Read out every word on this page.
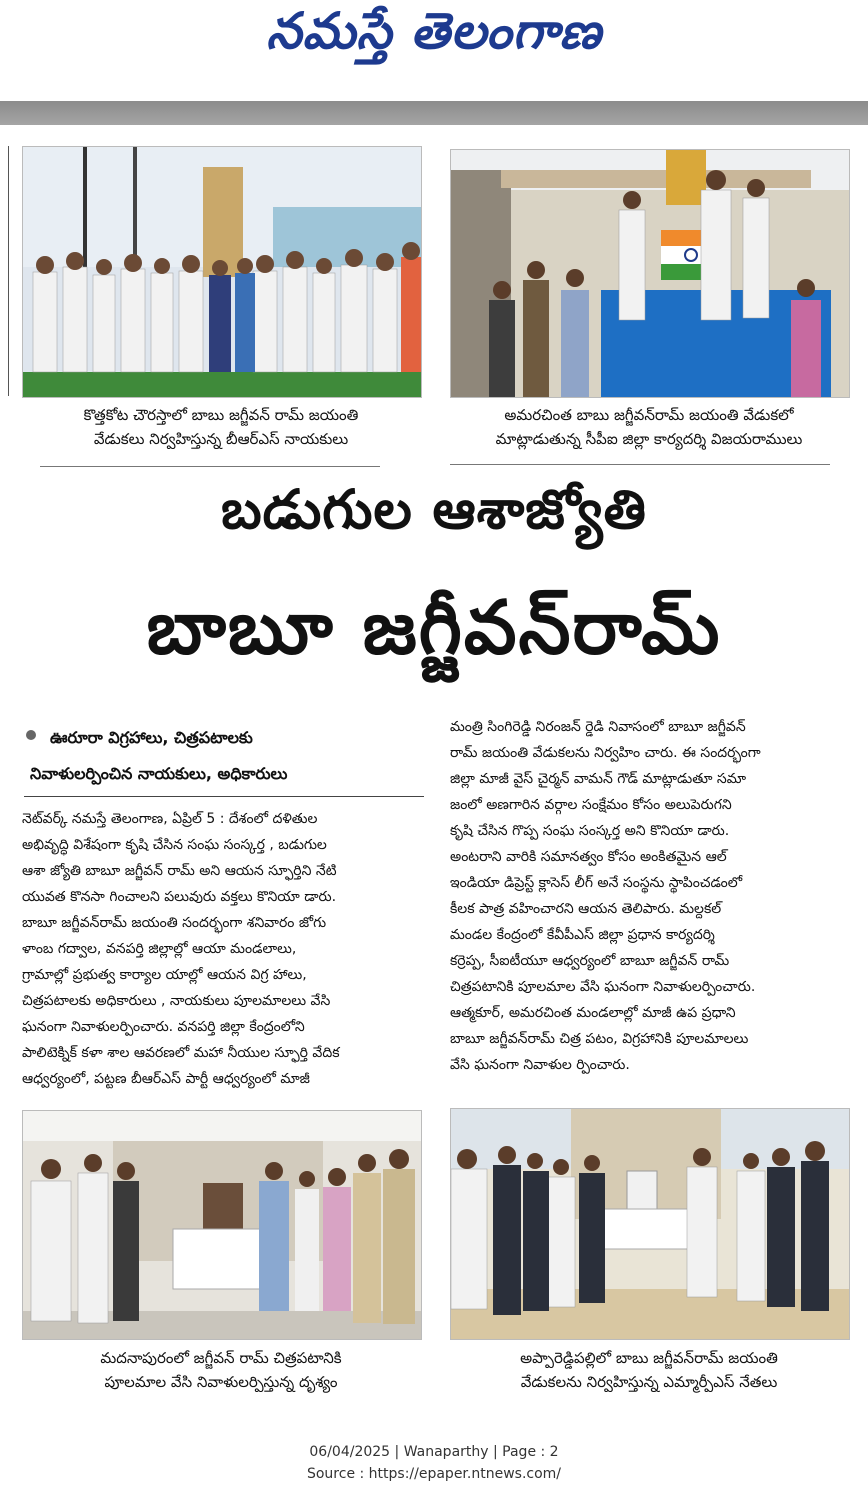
నమస్తే తెలంగాణ
కొత్తకోట చౌరస్తాలో బాబు జగ్జీవన్ రామ్ జయంతి
వేడుకలు నిర్వహిస్తున్న బీఆర్ఎస్ నాయకులు
అమరచింత బాబు జగ్జీవన్‌రామ్ జయంతి వేడుకలో
మాట్లాడుతున్న సీపీఐ జిల్లా కార్యదర్శి విజయరాములు
బడుగుల ఆశాజ్యోతి
బాబూ జగ్జీవన్‌రామ్
ఊరూరా విగ్రహాలు, చిత్రపటాలకు
నివాళులర్పించిన నాయకులు, అధికారులు
నెట్‌వర్క్ నమస్తే తెలంగాణ, ఏప్రిల్ 5 : దేశంలో దళితుల
అభివృద్ధి విశేషంగా కృషి చేసిన సంఘ సంస్కర్త , బడుగుల
ఆశా జ్యోతి బాబూ జగ్జీవన్ రామ్ అని ఆయన స్ఫూర్తిని నేటి
యువత కొనసా గించాలని పలువురు వక్తలు కొనియా డారు.
బాబూ జగ్జీవన్‌రామ్ జయంతి సందర్భంగా శనివారం జోగు
ళాంబ గద్వాల, వనపర్తి జిల్లాల్లో ఆయా మండలాలు,
గ్రామాల్లో ప్రభుత్వ కార్యాల యాల్లో ఆయన విగ్ర హాలు,
చిత్రపటాలకు అధికారులు , నాయకులు పూలమాలలు వేసి
ఘనంగా నివాళులర్పించారు. వనపర్తి జిల్లా కేంద్రంలోని
పాలిటెక్నిక్ కళా శాల ఆవరణలో మహా నీయుల స్ఫూర్తి వేదిక
ఆధ్వర్యంలో, పట్టణ బీఆర్ఎస్ పార్టీ ఆధ్వర్యంలో మాజీ
మంత్రి సింగిరెడ్డి నిరంజన్ ర్డెడి నివాసంలో బాబూ జగ్జీవన్
రామ్ జయంతి వేడుకలను నిర్వహిం చారు. ఈ సందర్భంగా
జిల్లా మాజీ వైస్ చైర్మన్ వామన్ గౌడ్ మాట్లాడుతూ సమా
జంలో అణగారిన వర్గాల సంక్షేమం కోసం అలుపెరుగని
కృషి చేసిన గొప్ప సంఘ సంస్కర్త అని కొనియా డారు.
అంటరాని వారికి సమానత్వం కోసం అంకితమైన ఆల్
ఇండియా డిప్రెస్ట్ క్లాసెస్ లీగ్ అనే సంస్థను స్థాపించడంలో
కీలక పాత్ర వహించారని ఆయన తెలిపారు. మల్దకల్
మండల కేంద్రంలో కేవీపీఎస్ జిల్లా ప్రధాన కార్యదర్శి
కర్రెప్ప, సీఐటీయూ ఆధ్వర్యంలో బాబూ జగ్జీవన్ రామ్
చిత్రపటానికి పూలమాల వేసి ఘనంగా నివాళులర్పించారు.
ఆత్మకూర్, అమరచింత మండలాల్లో మాజీ ఉప ప్రధాని
బాబూ జగ్జీవన్‌రామ్ చిత్ర పటం, విగ్రహానికి పూలమాలలు
వేసి ఘనంగా నివాళుల ర్పించారు.
మదనాపురంలో జగ్జీవన్ రామ్ చిత్రపటానికి
పూలమాల వేసి నివాళులర్పిస్తున్న దృశ్యం
అప్పారెడ్డిపల్లిలో బాబు జగ్జీవన్‌రామ్ జయంతి
వేడుకలను నిర్వహిస్తున్న ఎమ్మార్పీఎస్ నేతలు
06/04/2025 | Wanaparthy | Page : 2
Source : https://epaper.ntnews.com/
